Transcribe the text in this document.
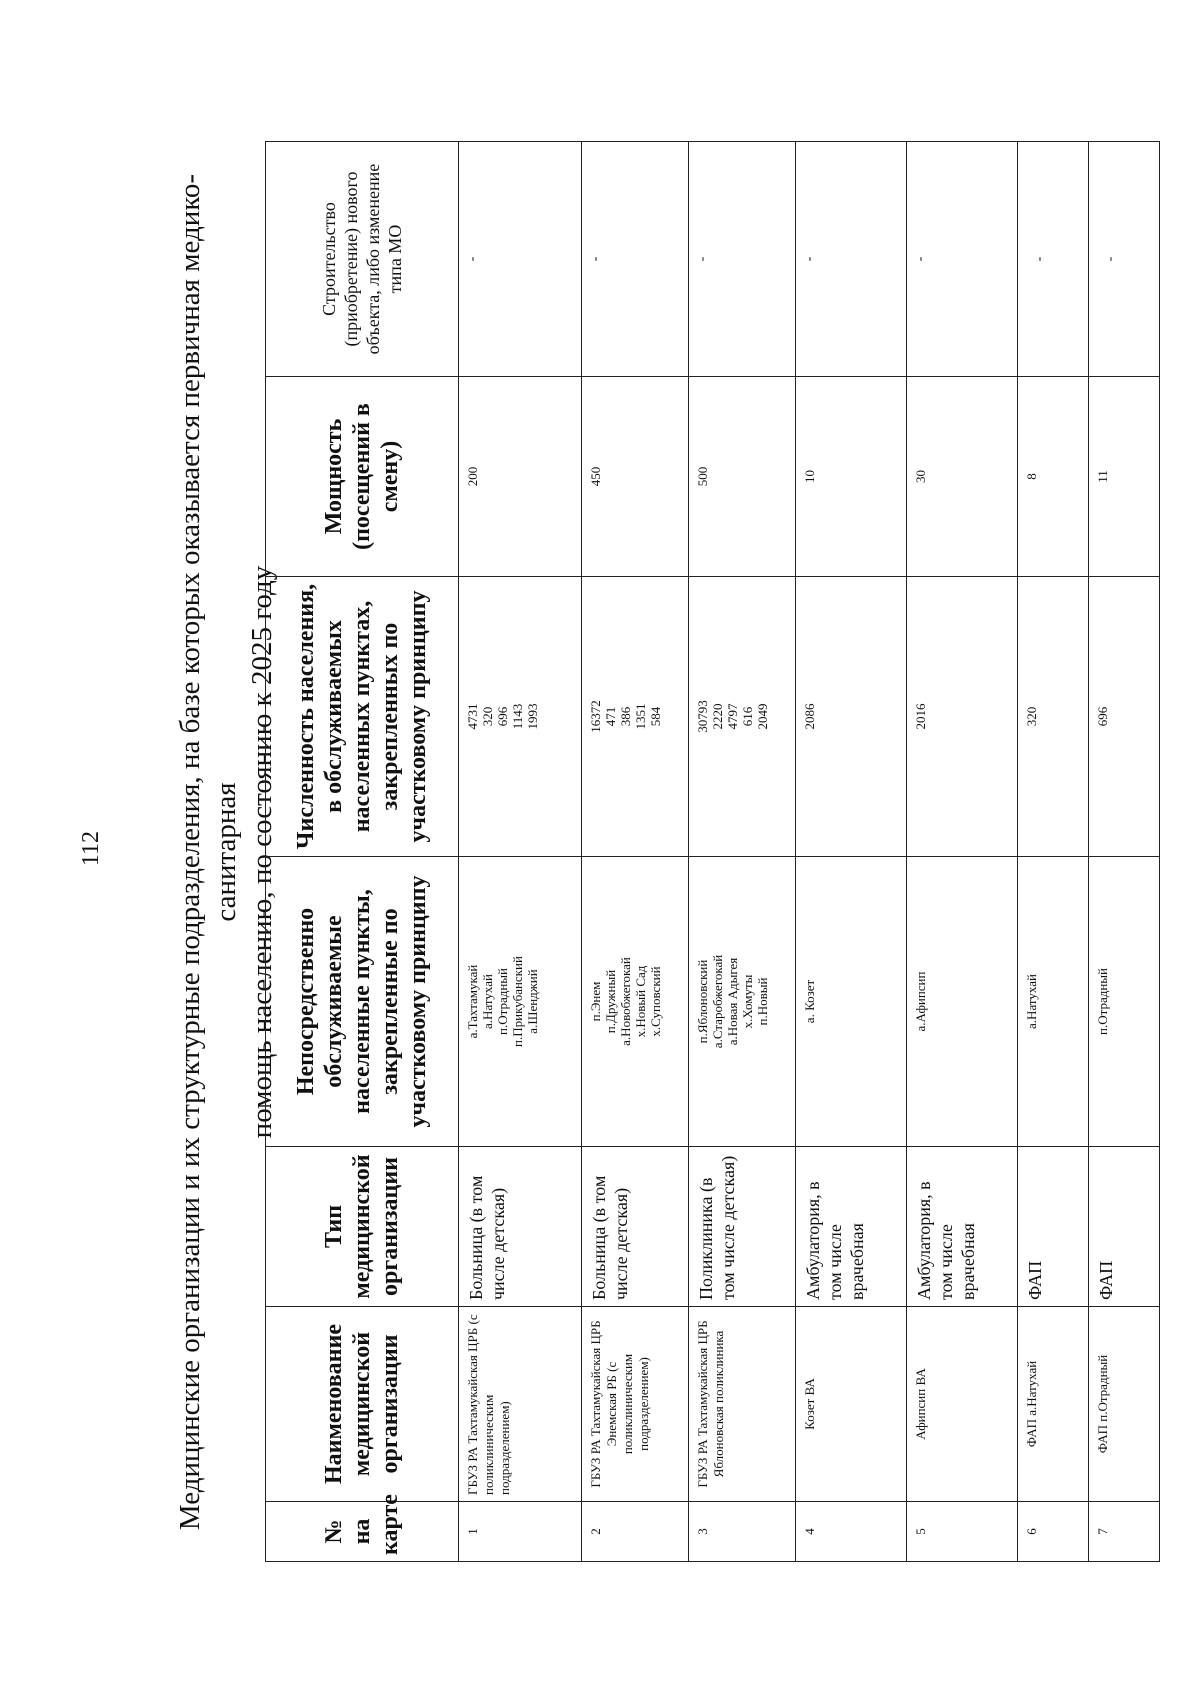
112 Медицинские организации и их структурные подразделения, на базе которых оказывается первичная медико-санитарная помощь населению, по состоянию к 2025 году
№ на карте	Наименование медицинской организации	Тип медицинской организации	Непосредственно обслуживаемые населенные пункты, закрепленные по участковому принципу	Численность населения, в обслуживаемых населенных пунктах, закрепленных по участковому принципу	Мощность (посещений в смену)	Строительство (приобретение) нового объекта, либо изменение типа МО
1	ГБУЗ РА Тахтамукайская ЦРБ (с поликлиническим подразделением)	Больница (в том числе детская)	а.Тахтамукай а.Натухай п.Отрадный п.Прикубанский а.Шенджий	4731 320 696 1143 1993	200	-
2	ГБУЗ РА Тахтамукайская ЦРБ Энемская РБ (с поликлиническим подразделением)	Больница (в том числе детская)	п.Энем п.Дружный а.Новобжегокай х.Новый Сад х.Суповский	16372 471 386 1351 584	450	-
3	ГБУЗ РА Тахтамукайская ЦРБ Яблоновская поликлиника	Поликлиника (в том числе детская)	п.Яблоновский а.Старобжегокай а.Новая Адыгея х.Хомуты п.Новый	30793 2220 4797 616 2049	500	-
4	Козет ВА	Амбулатория, в том числе врачебная	а. Козет	2086	10	-
5	Афипсип ВА	Амбулатория, в том числе врачебная	а.Афипсип	2016	30	-
6	ФАП а.Натухай	ФАП	а.Натухай	320	8	-
7	ФАП п.Отрадный	ФАП	п.Отрадный	696	11	-
